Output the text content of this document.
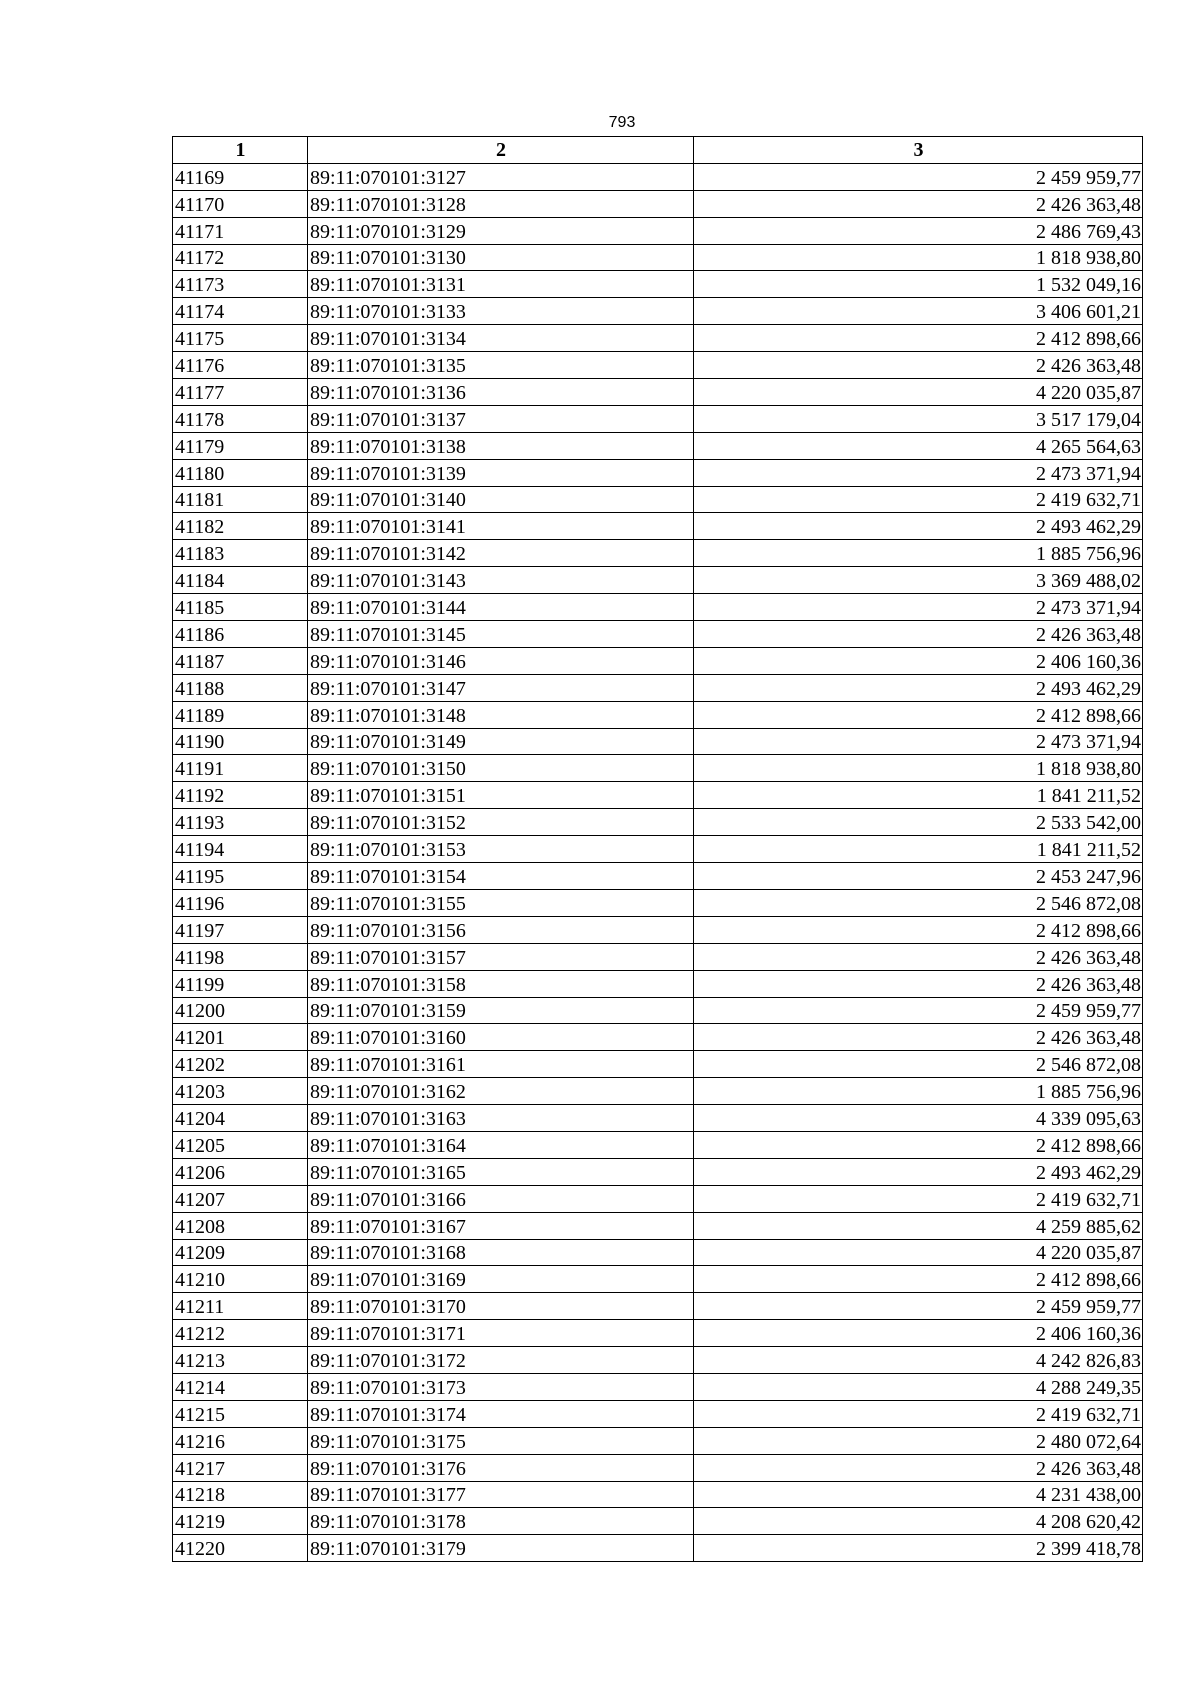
793
1	2	3
41169	89:11:070101:3127	2 459 959,77
41170	89:11:070101:3128	2 426 363,48
41171	89:11:070101:3129	2 486 769,43
41172	89:11:070101:3130	1 818 938,80
41173	89:11:070101:3131	1 532 049,16
41174	89:11:070101:3133	3 406 601,21
41175	89:11:070101:3134	2 412 898,66
41176	89:11:070101:3135	2 426 363,48
41177	89:11:070101:3136	4 220 035,87
41178	89:11:070101:3137	3 517 179,04
41179	89:11:070101:3138	4 265 564,63
41180	89:11:070101:3139	2 473 371,94
41181	89:11:070101:3140	2 419 632,71
41182	89:11:070101:3141	2 493 462,29
41183	89:11:070101:3142	1 885 756,96
41184	89:11:070101:3143	3 369 488,02
41185	89:11:070101:3144	2 473 371,94
41186	89:11:070101:3145	2 426 363,48
41187	89:11:070101:3146	2 406 160,36
41188	89:11:070101:3147	2 493 462,29
41189	89:11:070101:3148	2 412 898,66
41190	89:11:070101:3149	2 473 371,94
41191	89:11:070101:3150	1 818 938,80
41192	89:11:070101:3151	1 841 211,52
41193	89:11:070101:3152	2 533 542,00
41194	89:11:070101:3153	1 841 211,52
41195	89:11:070101:3154	2 453 247,96
41196	89:11:070101:3155	2 546 872,08
41197	89:11:070101:3156	2 412 898,66
41198	89:11:070101:3157	2 426 363,48
41199	89:11:070101:3158	2 426 363,48
41200	89:11:070101:3159	2 459 959,77
41201	89:11:070101:3160	2 426 363,48
41202	89:11:070101:3161	2 546 872,08
41203	89:11:070101:3162	1 885 756,96
41204	89:11:070101:3163	4 339 095,63
41205	89:11:070101:3164	2 412 898,66
41206	89:11:070101:3165	2 493 462,29
41207	89:11:070101:3166	2 419 632,71
41208	89:11:070101:3167	4 259 885,62
41209	89:11:070101:3168	4 220 035,87
41210	89:11:070101:3169	2 412 898,66
41211	89:11:070101:3170	2 459 959,77
41212	89:11:070101:3171	2 406 160,36
41213	89:11:070101:3172	4 242 826,83
41214	89:11:070101:3173	4 288 249,35
41215	89:11:070101:3174	2 419 632,71
41216	89:11:070101:3175	2 480 072,64
41217	89:11:070101:3176	2 426 363,48
41218	89:11:070101:3177	4 231 438,00
41219	89:11:070101:3178	4 208 620,42
41220	89:11:070101:3179	2 399 418,78
